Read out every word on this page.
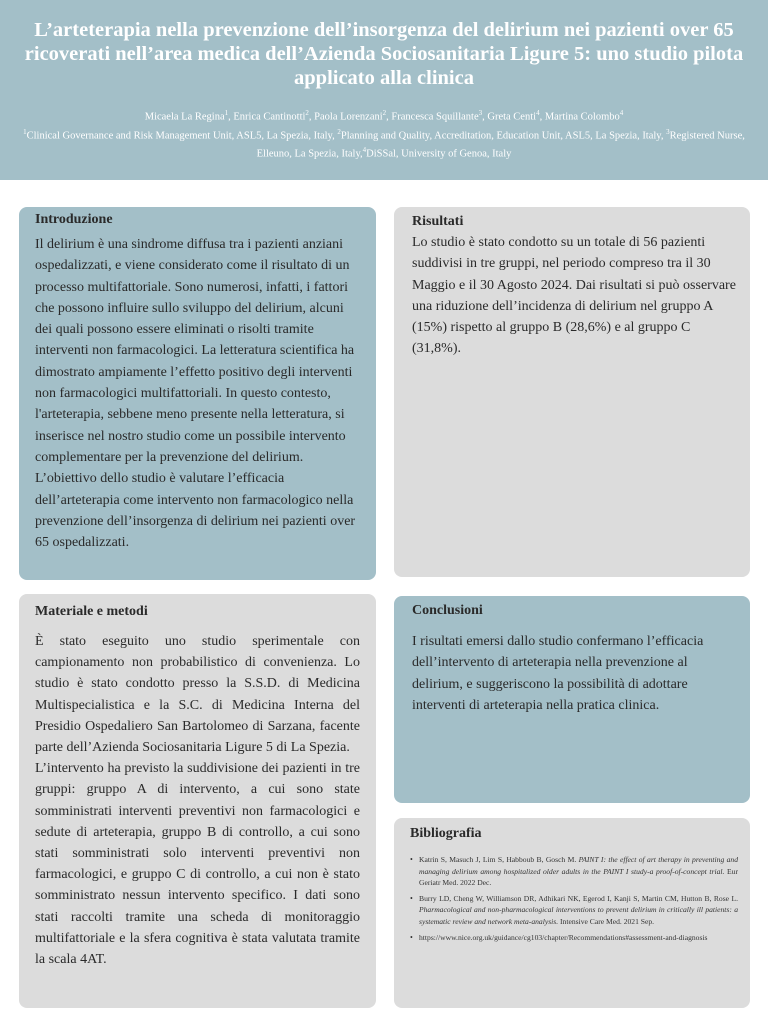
L’arteterapia nella prevenzione dell’insorgenza del delirium nei pazienti over 65 ricoverati nell’area medica dell’Azienda Sociosanitaria Ligure 5: uno studio pilota applicato alla clinica
Micaela La Regina$^1$, Enrica Cantinotti$^2$, Paola Lorenzani$^2$, Francesca Squillante$^3$, Greta Centi$^4$, Martina Colombo$^4$
$^1$Clinical Governance and Risk Management Unit, ASL5, La Spezia, Italy, $^2$Planning and Quality, Accreditation, Education Unit, ASL5, La Spezia, Italy, $^3$Registered Nurse, Elleuno, La Spezia, Italy,$^4$DiSSal, University of Genoa, Italy
Introduzione

Il delirium è una sindrome diffusa tra i pazienti anziani ospedalizzati, e viene considerato come il risultato di un processo multifattoriale. Sono numerosi, infatti, i fattori che possono influire sullo sviluppo del delirium, alcuni dei quali possono essere eliminati o risolti tramite interventi non farmacologici. La letteratura scientifica ha dimostrato ampiamente l’effetto positivo degli interventi non farmacologici multifattoriali. In questo contesto, l'arteterapia, sebbene meno presente nella letteratura, si inserisce nel nostro studio come un possibile intervento complementare per la prevenzione del delirium.

L’obiettivo dello studio è valutare l’efficacia dell’arteterapia come intervento non farmacologico nella prevenzione dell’insorgenza di delirium nei pazienti over 65 ospedalizzati.

Risultati

Lo studio è stato condotto su un totale di 56 pazienti suddivisi in tre gruppi, nel periodo compreso tra il 30 Maggio e il 30 Agosto 2024. Dai risultati si può osservare una riduzione dell’incidenza di delirium nel gruppo A (15%) rispetto al gruppo B (28,6%) e al gruppo C (31,8%).

Materiale e metodi

È stato eseguito uno studio sperimentale con campionamento non probabilistico di convenienza. Lo studio è stato condotto presso la S.S.D. di Medicina Multispecialistica e la S.C. di Medicina Interna del Presidio Ospedaliero San Bartolomeo di Sarzana, facente parte dell’Azienda Sociosanitaria Ligure 5 di La Spezia.

L’intervento ha previsto la suddivisione dei pazienti in tre gruppi: gruppo A di intervento, a cui sono state somministrati interventi preventivi non farmacologici e sedute di arteterapia, gruppo B di controllo, a cui sono stati somministrati solo interventi preventivi non farmacologici, e gruppo C di controllo, a cui non è stato somministrato nessun intervento specifico. I dati sono stati raccolti tramite una scheda di monitoraggio multifattoriale e la sfera cognitiva è stata valutata tramite la scala 4AT.

Conclusioni

I risultati emersi dallo studio confermano l’efficacia dell’intervento di arteterapia nella prevenzione al delirium, e suggeriscono la possibilità di adottare interventi di arteterapia nella pratica clinica.

Bibliografia
• Katrin S, Masuch J, Lim S, Habboub B, Gosch M. PAINT I: the effect of art therapy in preventing and managing delirium among hospitalized older adults in the PAINT I study-a proof-of-concept trial. Eur Geriatr Med. 2022 Dec.
• Burry LD, Cheng W, Williamson DR, Adhikari NK, Egerod I, Kanji S, Martin CM, Hutton B, Rose L. Pharmacological and non-pharmacological interventions to prevent delirium in critically ill patients: a systematic review and network meta-analysis. Intensive Care Med. 2021 Sep.
• https://www.nice.org.uk/guidance/cg103/chapter/Recommendations#assessment-and-diagnosis
